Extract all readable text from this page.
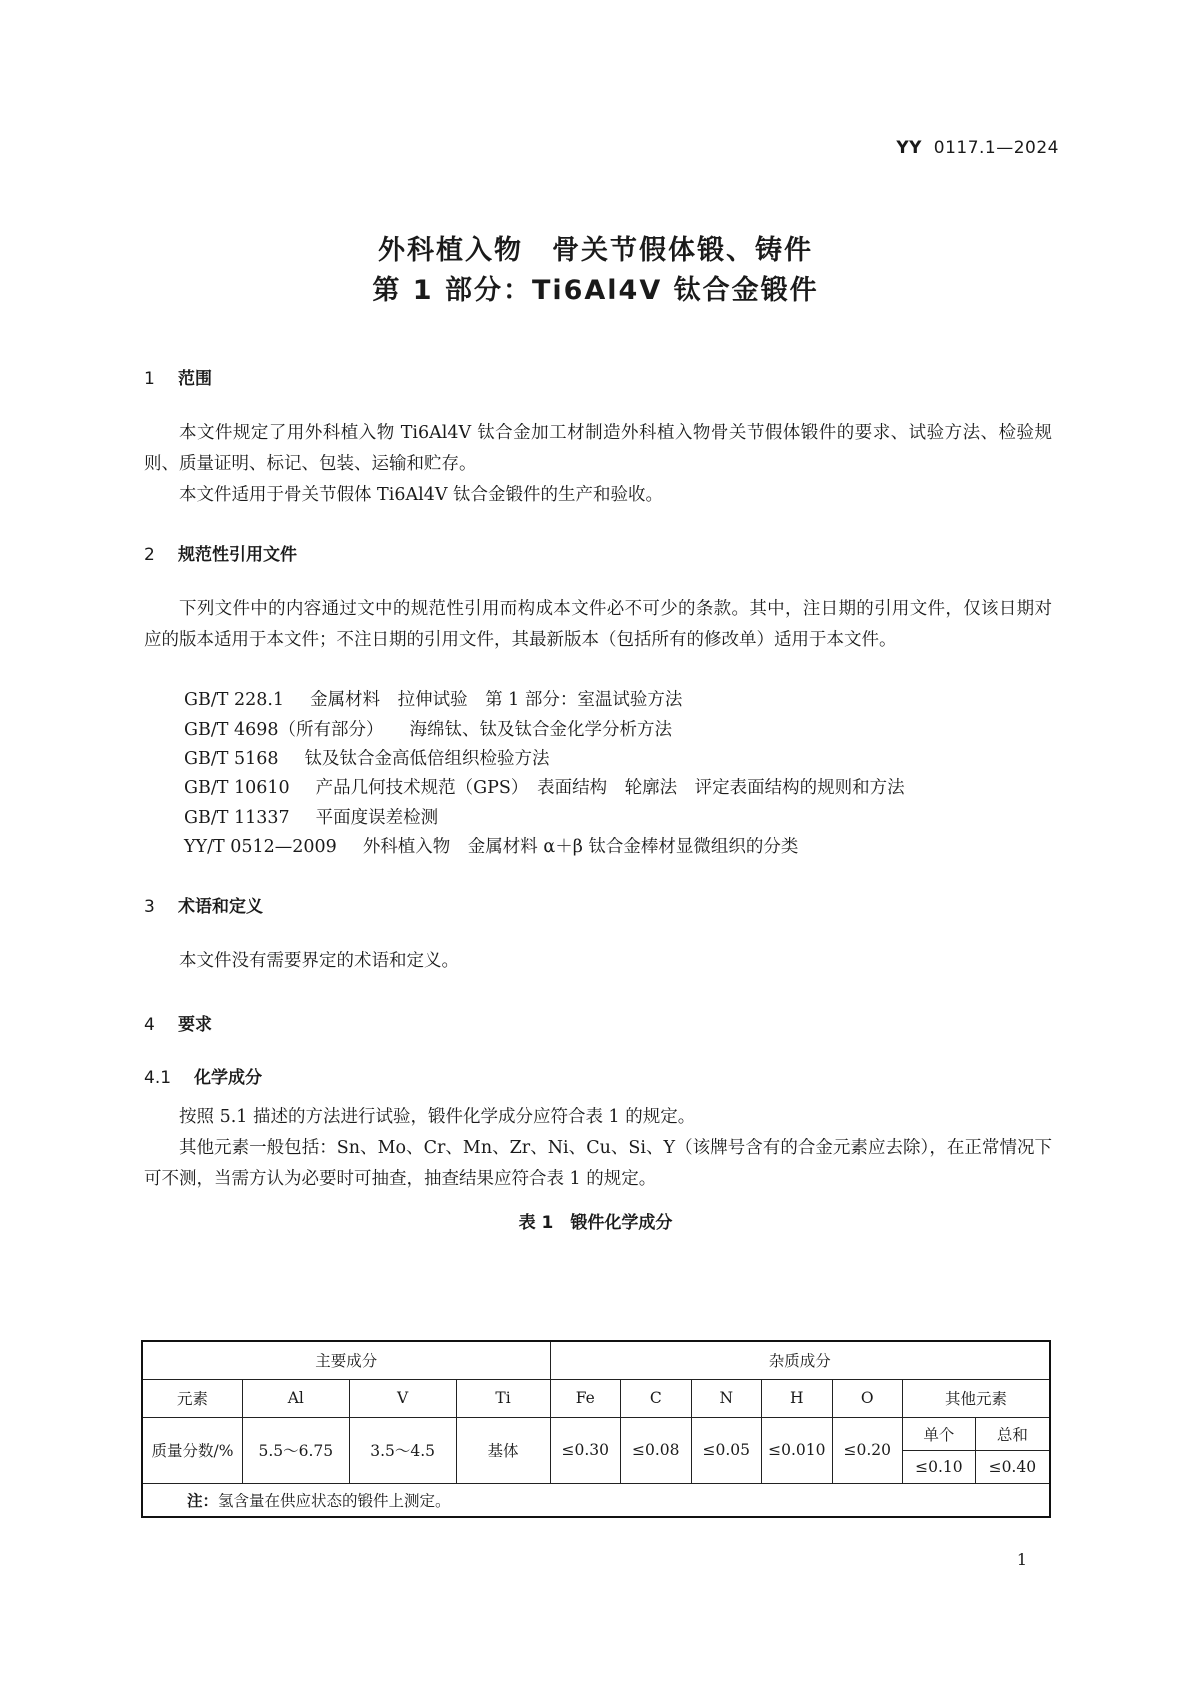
YY 0117.1—2024
外科植入物　骨关节假体锻、铸件
第 1 部分：Ti6Al4V 钛合金锻件
1 范围
本文件规定了用外科植入物 Ti6Al4V 钛合金加工材制造外科植入物骨关节假体锻件的要求、试验方法、检验规则、质量证明、标记、包装、运输和贮存。
本文件适用于骨关节假体 Ti6Al4V 钛合金锻件的生产和验收。
2 规范性引用文件
下列文件中的内容通过文中的规范性引用而构成本文件必不可少的条款。其中，注日期的引用文件，仅该日期对应的版本适用于本文件；不注日期的引用文件，其最新版本（包括所有的修改单）适用于本文件。
GB/T 228.1 金属材料　拉伸试验　第 1 部分：室温试验方法
GB/T 4698（所有部分） 海绵钛、钛及钛合金化学分析方法
GB/T 5168 钛及钛合金高低倍组织检验方法
GB/T 10610 产品几何技术规范（GPS）　表面结构　轮廓法　评定表面结构的规则和方法
GB/T 11337 平面度误差检测
YY/T 0512—2009 外科植入物　金属材料 α＋β 钛合金棒材显微组织的分类
3 术语和定义
本文件没有需要界定的术语和定义。
4 要求
4.1 化学成分
按照 5.1 描述的方法进行试验，锻件化学成分应符合表 1 的规定。
其他元素一般包括：Sn、Mo、Cr、Mn、Zr、Ni、Cu、Si、Y（该牌号含有的合金元素应去除），在正常情况下可不测，当需方认为必要时可抽查，抽查结果应符合表 1 的规定。
表 1　锻件化学成分
主要成分				杂质成分						
元素	Al	V	Ti	Fe	C	N	H	O	其他元素	
质量分数/%	5.5～6.75	3.5～4.5	基体	≤0.30	≤0.08	≤0.05	≤0.010	≤0.20	单个	总和
									≤0.10	≤0.40
注：氢含量在供应状态的锻件上测定。										
1
